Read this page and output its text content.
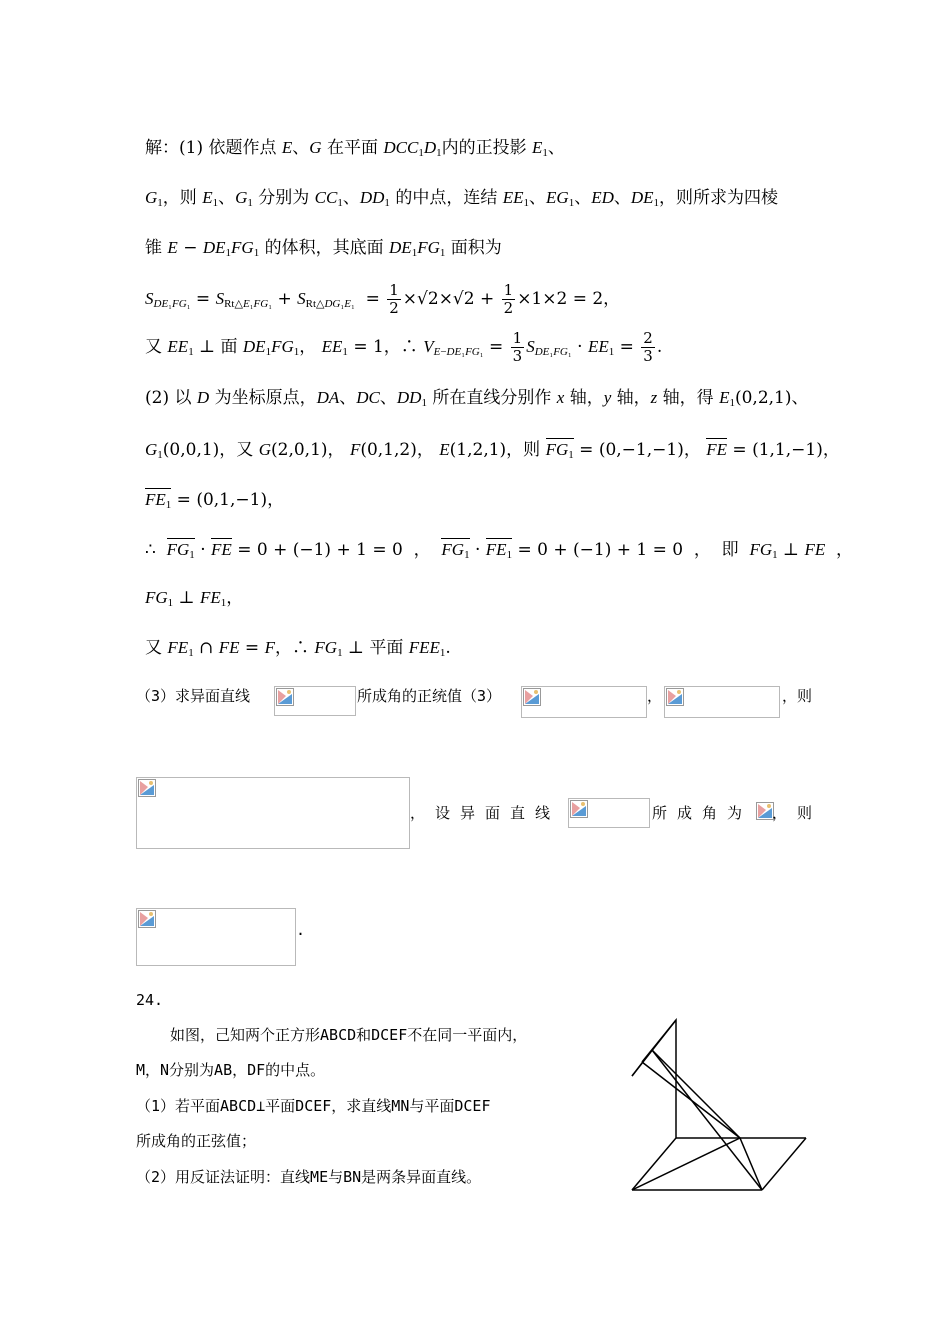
解：(1) 依题作点 E、G 在平面 $DCC_1D_1$内的正投影 $E_1$、
$G_1$，则 $E_1$、$G_1$ 分别为 $CC_1$、$DD_1$ 的中点，连结 $EE_1$、$EG_1$、ED、$DE_1$，则所求为四棱
锥 $E - DE_1FG_1$ 的体积，其底面 $DE_1FG_1$ 面积为
$S_{DE_1FG_1} = S_{Rt\triangle E_1FG_1} + S_{Rt\triangle DG_1E_1} = \frac{1}{2} \times√2\times√2 + \frac{1}{2} \times 1\times 2 = 2$，
又 $EE_1$ ⊥ 面 $DE_1FG_1$， $EE_1 = 1$，∴ $V_{E-DE_1FG_1} = \frac{1}{3} S_{DE_1FG_1} \cdot EE_1 = \frac{2}{3}$ .
(2) 以 D 为坐标原点，DA、DC、$DD_1$ 所在直线分别作 x 轴，y 轴，z 轴，得 $E_1(0,2,1)$、
$G_1(0,0,1)$，又 G(2,0,1)， F(0,1,2)， E(1,2,1)，则 $FG_1 = (0,-1,-1)$， FE = (1,1,−1)，
$FE_1 = (0,1,-1)$，
∴  $FG_1$ · FE = 0 + (−1) + 1 = 0  ，  $FG_1 \cdot FE_1 = 0 + (-1) + 1 = 0$  ，  即  $FG_1$ ⊥ FE  ，
$FG_1$ ⊥ $FE_1$，
又 $FE_1$ ∩ FE = F，∴ $FG_1$ ⊥ 平面 $FEE_1$.
（3）求异面直线	所成角的正统值（3）	，	，则
，设异面直线	所成角为 ，则
.
24.
如图，己知两个正方形ABCD和DCEF不在同一平面内，
M，N分别为AB，DF的中点。
（1）若平面ABCD⊥平面DCEF，求直线MN与平面DCEF
所成角的正弦值；
（2）用反证法证明：直线ME与BN是两条异面直线。
